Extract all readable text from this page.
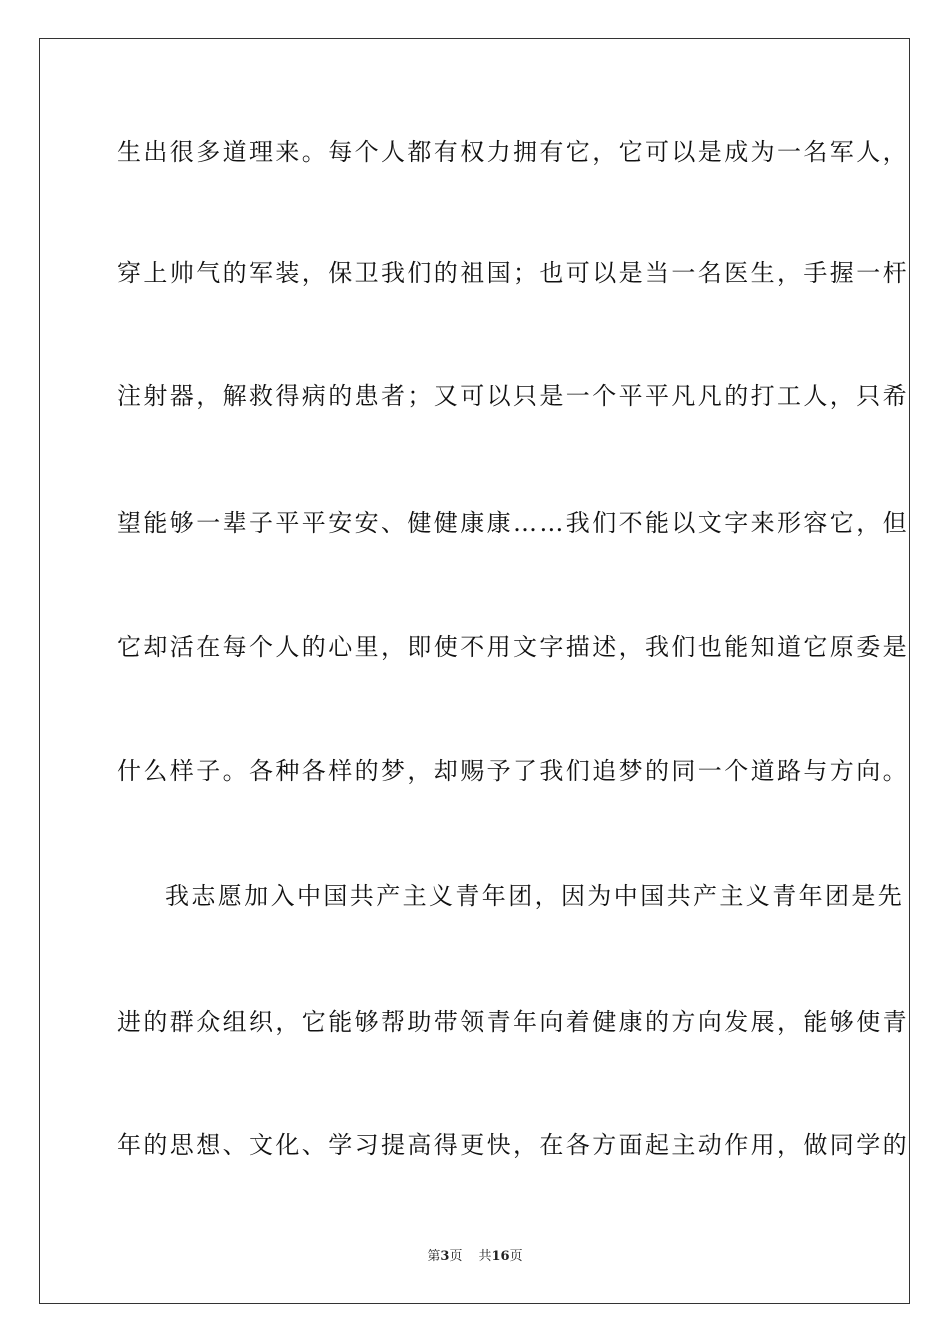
生出很多道理来。每个人都有权力拥有它，它可以是成为一名军人，
穿上帅气的军装，保卫我们的祖国；也可以是当一名医生，手握一杆
注射器，解救得病的患者；又可以只是一个平平凡凡的打工人，只希
望能够一辈子平平安安、健健康康……我们不能以文字来形容它，但
它却活在每个人的心里，即使不用文字描述，我们也能知道它原委是
什么样子。各种各样的梦，却赐予了我们追梦的同一个道路与方向。
我志愿加入中国共产主义青年团，因为中国共产主义青年团是先
进的群众组织，它能够帮助带领青年向着健康的方向发展，能够使青
年的思想、文化、学习提高得更快，在各方面起主动作用，做同学的
第3页 共16页
